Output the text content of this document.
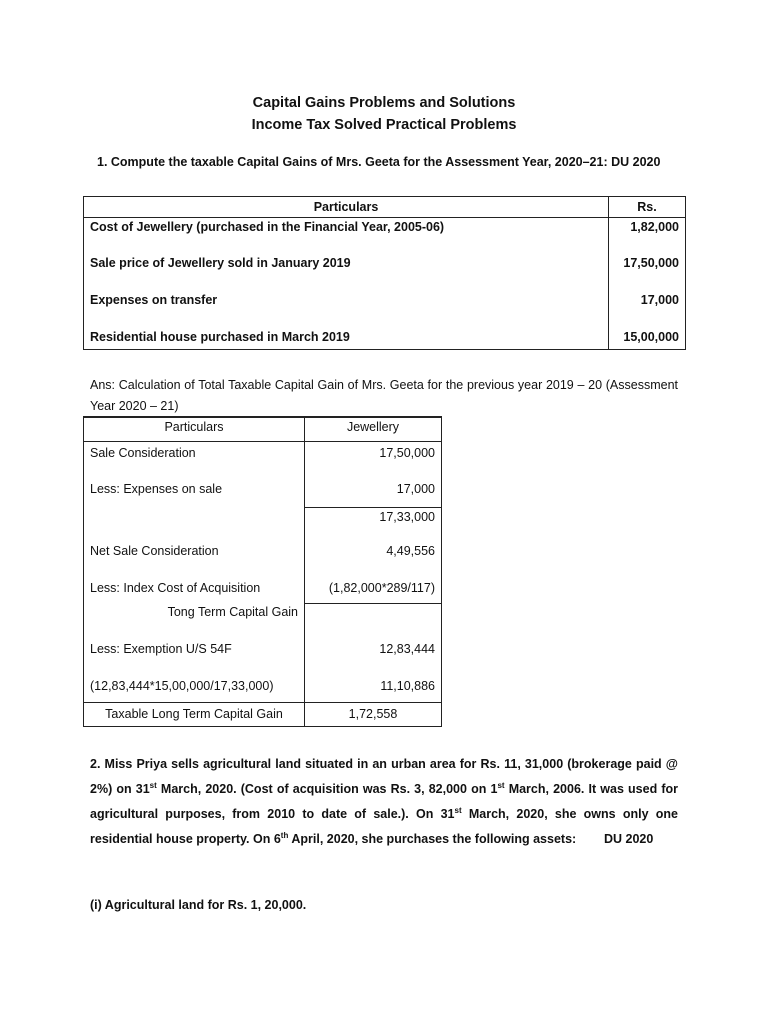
Capital Gains Problems and Solutions
Income Tax Solved Practical Problems
1. Compute the taxable Capital Gains of Mrs. Geeta for the Assessment Year, 2020–21: DU 2020
Particulars	Rs.
Cost of Jewellery (purchased in the Financial Year, 2005-06)	1,82,000
Sale price of Jewellery sold in January 2019	17,50,000
Expenses on transfer	17,000
Residential house purchased in March 2019	15,00,000
Ans: Calculation of Total Taxable Capital Gain of Mrs. Geeta for the previous year 2019 – 20 (Assessment Year 2020 – 21)
Particulars	Jewellery
Sale Consideration	17,50,000
Less: Expenses on sale	17,000
	17,33,000
Net Sale Consideration	4,49,556
Less: Index Cost of Acquisition	(1,82,000*289/117)
Tong Term Capital Gain	
Less: Exemption U/S 54F	12,83,444
(12,83,444*15,00,000/17,33,000)	11,10,886
Taxable Long Term Capital Gain	1,72,558
2. Miss Priya sells agricultural land situated in an urban area for Rs. 11, 31,000 (brokerage paid @ 2%) on 31st March, 2020. (Cost of acquisition was Rs. 3, 82,000 on 1st March, 2006. It was used for agricultural purposes, from 2010 to date of sale.). On 31st March, 2020, she owns only one residential house property. On 6th April, 2020, she purchases the following assets:        DU 2020
(i) Agricultural land for Rs. 1, 20,000.
